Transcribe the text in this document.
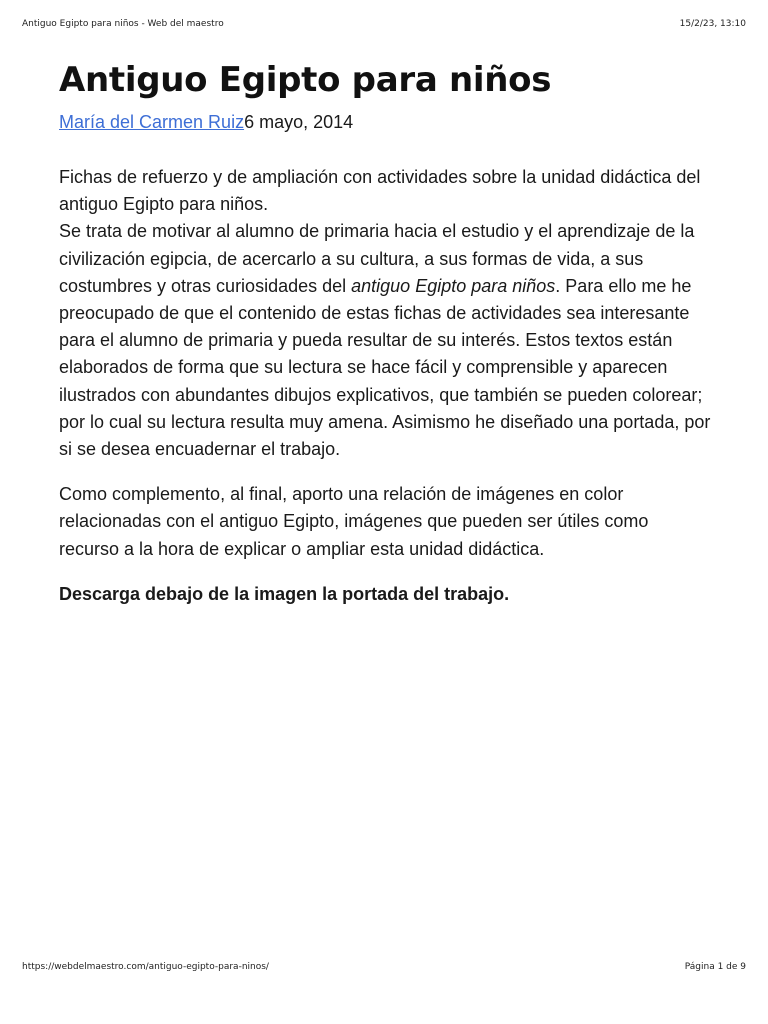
Antiguo Egipto para niños - Web del maestro	15/2/23, 13:10
Antiguo Egipto para niños
María del Carmen Ruiz6 mayo, 2014

Fichas de refuerzo y de ampliación con actividades sobre la unidad didáctica del antiguo Egipto para niños.

Se trata de motivar al alumno de primaria hacia el estudio y el aprendizaje de la civilización egipcia, de acercarlo a su cultura, a sus formas de vida, a sus costumbres y otras curiosidades del antiguo Egipto para niños. Para ello me he preocupado de que el contenido de estas fichas de actividades sea interesante para el alumno de primaria y pueda resultar de su interés. Estos textos están elaborados de forma que su lectura se hace fácil y comprensible y aparecen ilustrados con abundantes dibujos explicativos, que también se pueden colorear; por lo cual su lectura resulta muy amena. Asimismo he diseñado una portada, por si se desea encuadernar el trabajo.

Como complemento, al final, aporto una relación de imágenes en color relacionadas con el antiguo Egipto, imágenes que pueden ser útiles como recurso a la hora de explicar o ampliar esta unidad didáctica.

Descarga debajo de la imagen la portada del trabajo.

https://webdelmaestro.com/antiguo-egipto-para-ninos/	Página 1 de 9
